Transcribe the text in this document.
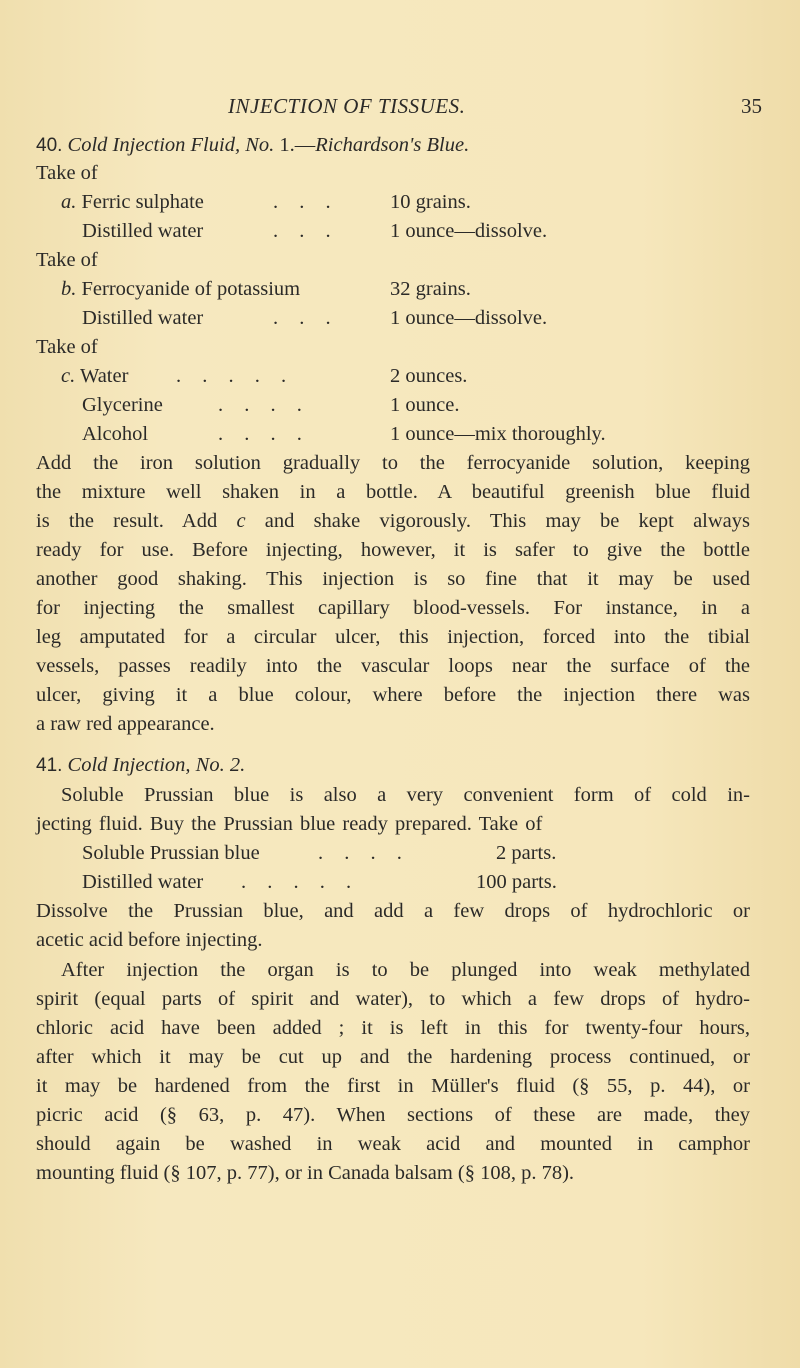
INJECTION OF TISSUES.	35
40. Cold Injection Fluid, No. 1.—Richardson's Blue.
Take of
a. Ferric sulphate	. . .	10 grains.
Distilled water	. . .	1 ounce—dissolve.
Take of
b. Ferrocyanide of potassium	32 grains.
Distilled water	. . .	1 ounce—dissolve.
Take of
c. Water . . . . .	2 ounces.
Glycerine	. . . .	1 ounce.
Alcohol	. . . .	1 ounce—mix thoroughly.
Add the iron solution gradually to the ferrocyanide solution, keeping
the mixture well shaken in a bottle. A beautiful greenish blue fluid
is the result. Add c and shake vigorously. This may be kept always
ready for use. Before injecting, however, it is safer to give the bottle
another good shaking. This injection is so fine that it may be used
for injecting the smallest capillary blood-vessels. For instance, in a
leg amputated for a circular ulcer, this injection, forced into the tibial
vessels, passes readily into the vascular loops near the surface of the
ulcer, giving it a blue colour, where before the injection there was
a raw red appearance.
41. Cold Injection, No. 2.
Soluble Prussian blue is also a very convenient form of cold in-
jecting fluid. Buy the Prussian blue ready prepared. Take of
Soluble Prussian blue	. . . .	2 parts.
Distilled water . . . . .	100 parts.
Dissolve the Prussian blue, and add a few drops of hydrochloric or
acetic acid before injecting.
After injection the organ is to be plunged into weak methylated
spirit (equal parts of spirit and water), to which a few drops of hydro-
chloric acid have been added ; it is left in this for twenty-four hours,
after which it may be cut up and the hardening process continued, or
it may be hardened from the first in Müller's fluid (§ 55, p. 44), or
picric acid (§ 63, p. 47). When sections of these are made, they
should again be washed in weak acid and mounted in camphor
mounting fluid (§ 107, p. 77), or in Canada balsam (§ 108, p. 78).
